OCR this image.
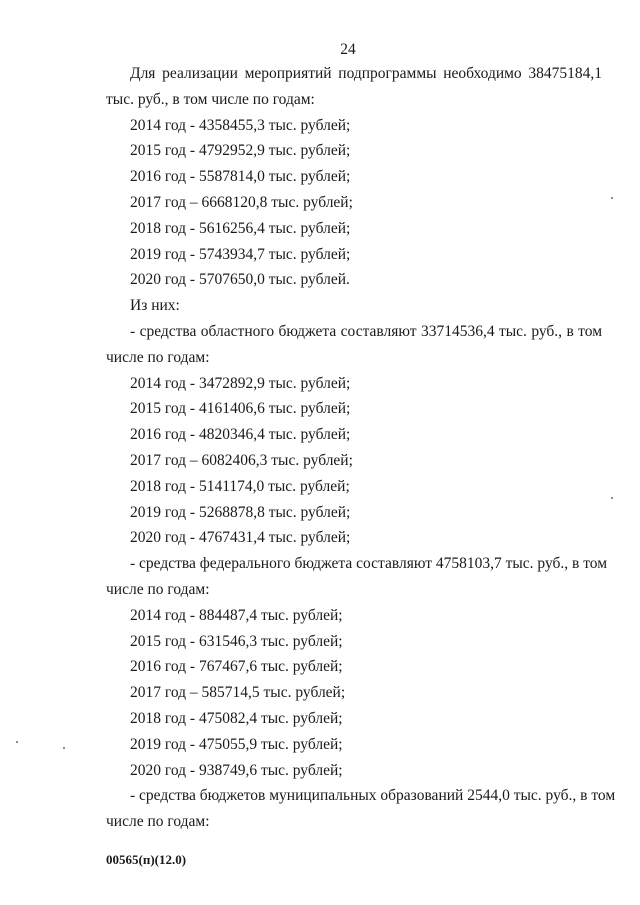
24
Для реализации мероприятий подпрограммы необходимо 38475184,1
тыс. руб., в том числе по годам:
2014 год - 4358455,3 тыс. рублей;
2015 год - 4792952,9 тыс. рублей;
2016 год - 5587814,0 тыс. рублей;
2017 год – 6668120,8 тыс. рублей;
2018 год - 5616256,4 тыс. рублей;
2019 год - 5743934,7 тыс. рублей;
2020 год - 5707650,0 тыс. рублей.
Из них:
- средства областного бюджета составляют 33714536,4 тыс. руб., в том
числе по годам:
2014 год - 3472892,9 тыс. рублей;
2015 год - 4161406,6 тыс. рублей;
2016 год - 4820346,4 тыс. рублей;
2017 год – 6082406,3 тыс. рублей;
2018 год - 5141174,0 тыс. рублей;
2019 год - 5268878,8 тыс. рублей;
2020 год - 4767431,4 тыс. рублей;
- средства федерального бюджета составляют 4758103,7 тыс. руб., в том
числе по годам:
2014 год - 884487,4 тыс. рублей;
2015 год - 631546,3 тыс. рублей;
2016 год - 767467,6 тыс. рублей;
2017 год – 585714,5 тыс. рублей;
2018 год - 475082,4 тыс. рублей;
2019 год - 475055,9 тыс. рублей;
2020 год - 938749,6 тыс. рублей;
- средства бюджетов муниципальных образований 2544,0 тыс. руб., в том
числе по годам:
00565(п)(12.0)
